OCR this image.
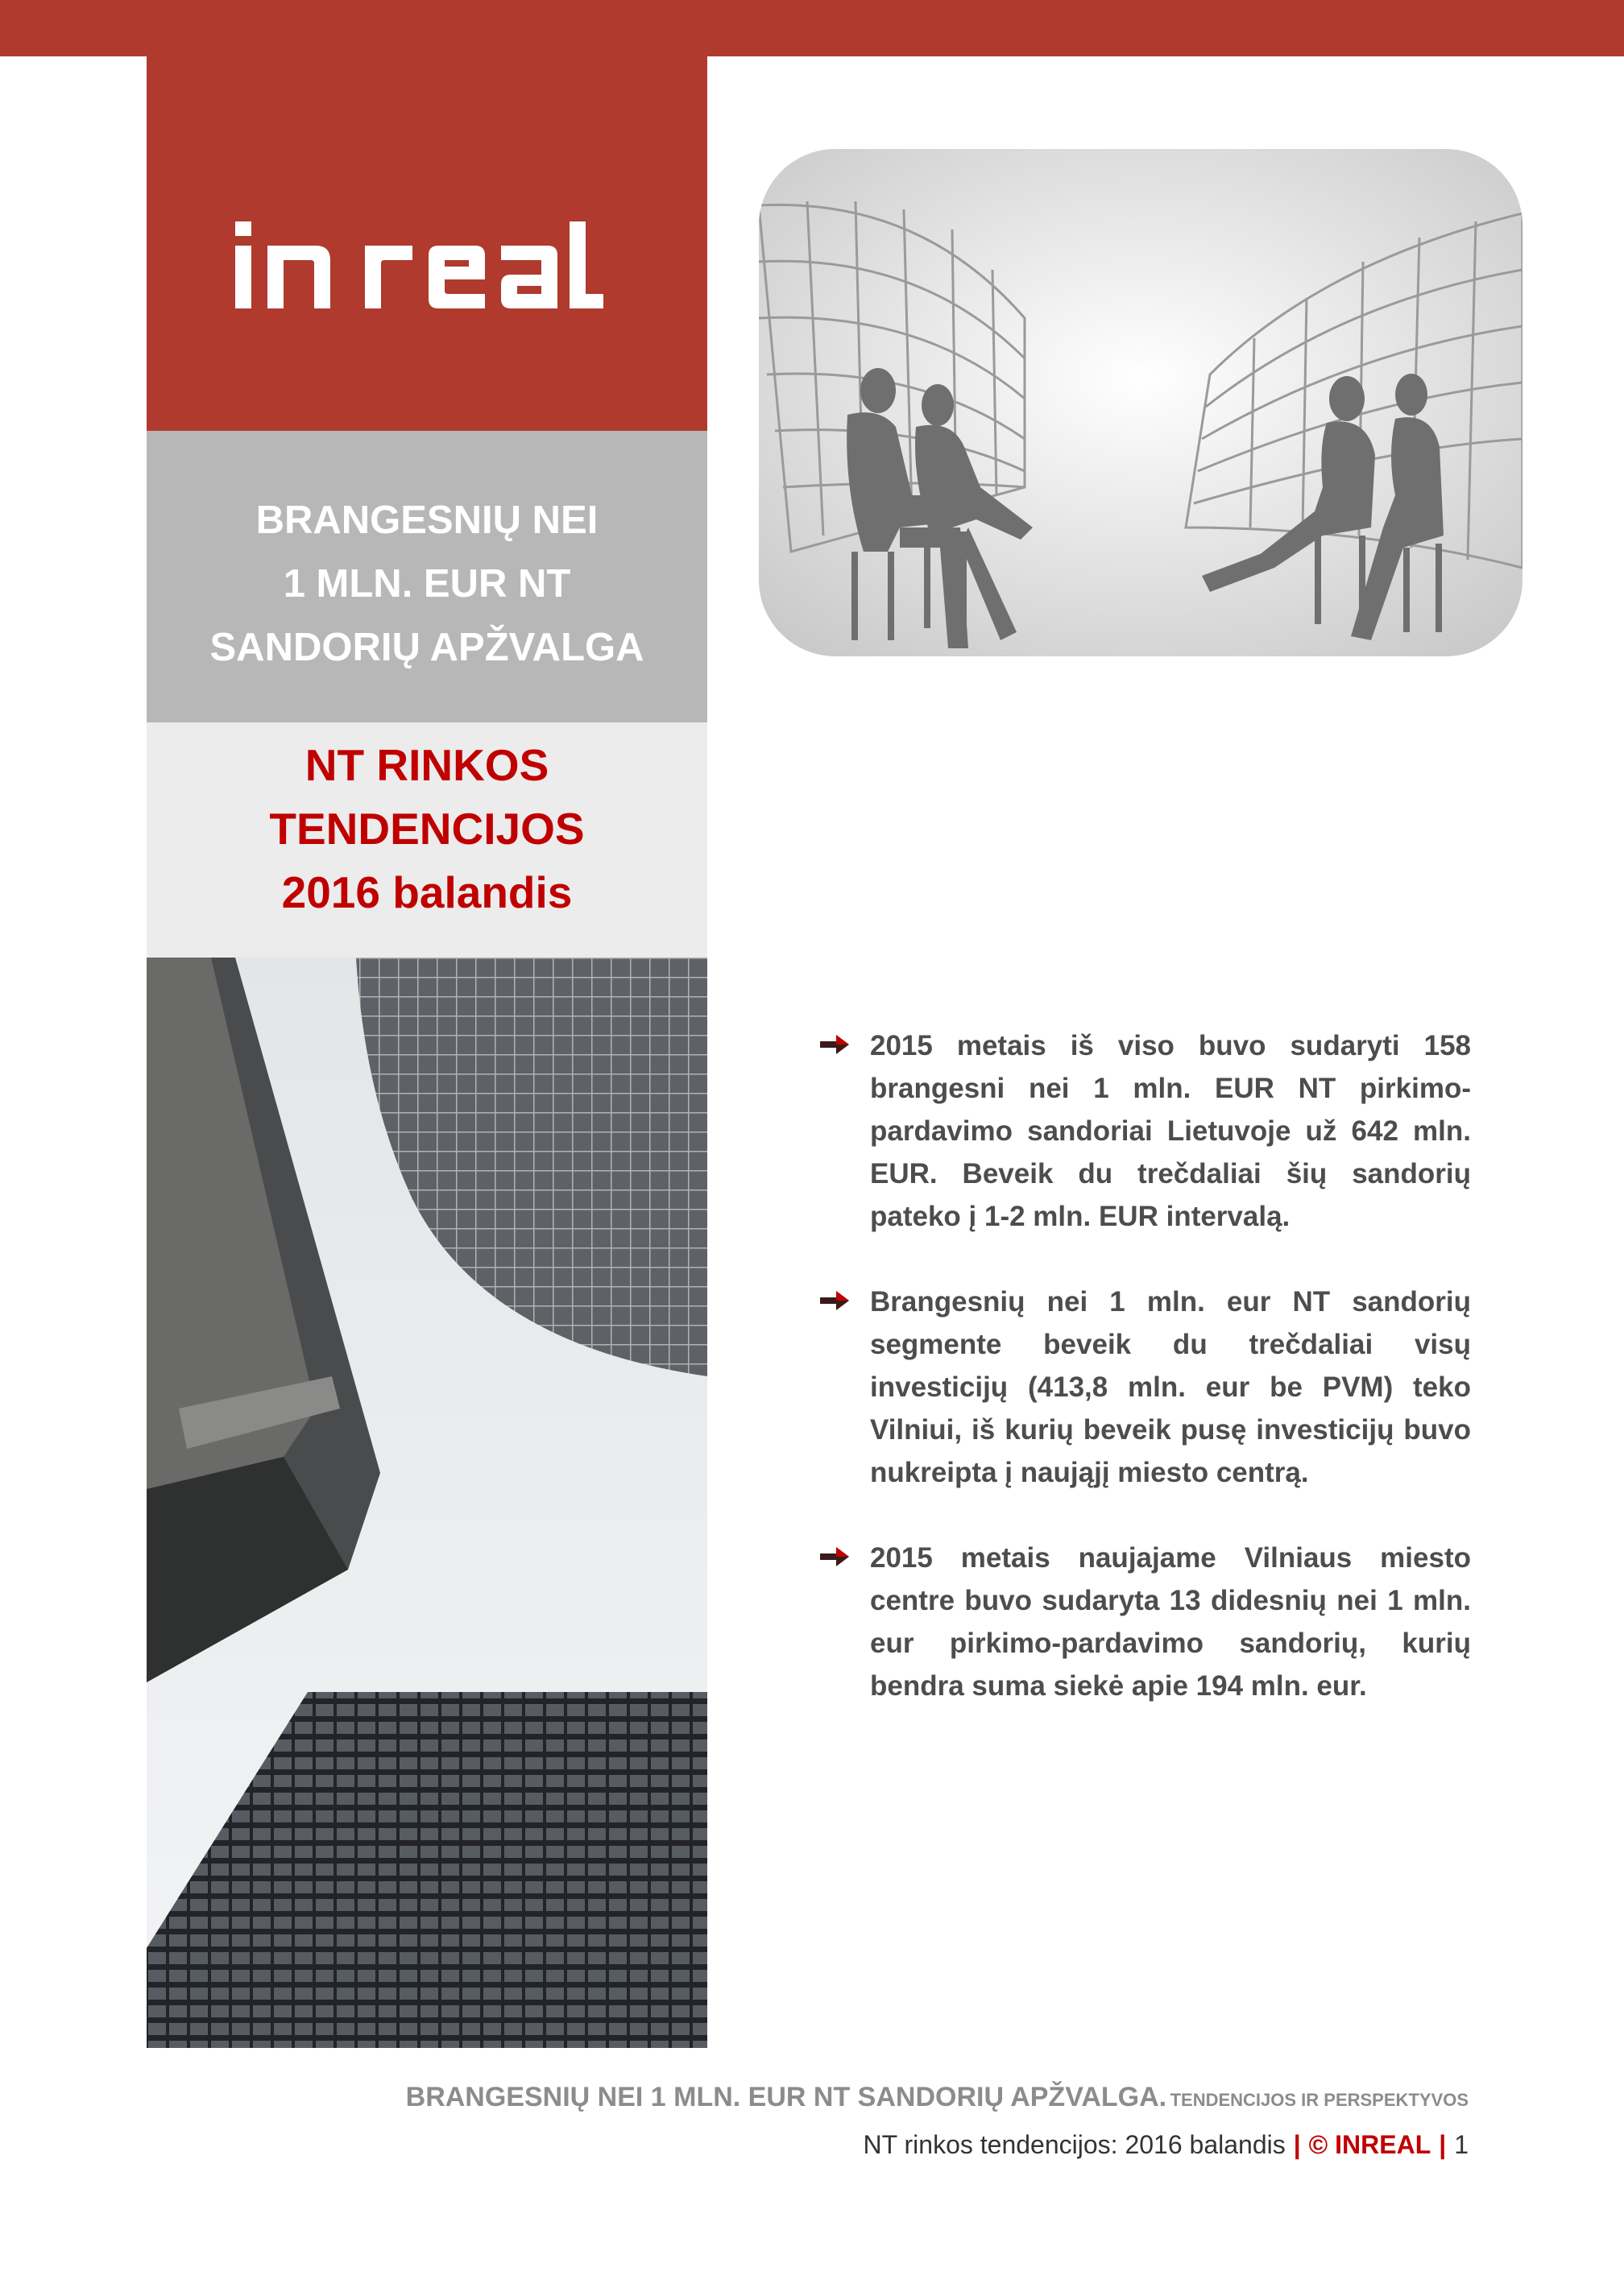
BRANGESNIŲ NEI
1 MLN. EUR NT
SANDORIŲ APŽVALGA
NT RINKOS
TENDENCIJOS
2016 balandis
2015 metais iš viso buvo sudaryti 158 brangesni nei 1 mln. EUR NT pirkimo-pardavimo sandoriai Lietuvoje už 642 mln. EUR. Beveik du trečdaliai šių sandorių pateko į 1-2 mln. EUR intervalą.
Brangesnių nei 1 mln. eur NT sandorių segmente beveik du trečdaliai visų investicijų (413,8 mln. eur be PVM) teko Vilniui, iš kurių beveik pusę investicijų buvo nukreipta į naująjį miesto centrą.
2015 metais naujajame Vilniaus miesto centre buvo sudaryta 13 didesnių nei 1 mln. eur pirkimo-pardavimo sandorių, kurių bendra suma siekė apie 194 mln. eur.
BRANGESNIŲ NEI 1 MLN. EUR NT SANDORIŲ APŽVALGA. TENDENCIJOS IR PERSPEKTYVOS
NT rinkos tendencijos: 2016 balandis | © INREAL | 1
